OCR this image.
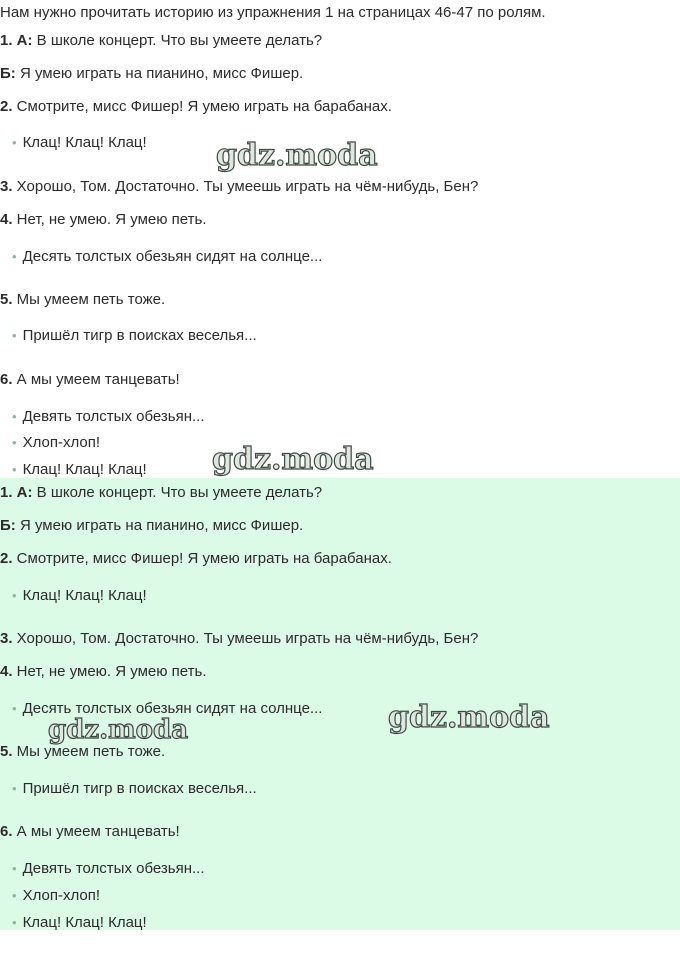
Нам нужно прочитать историю из упражнения 1 на страницах 46-47 по ролям.
gdz.moda
gdz.moda
gdz.moda
gdz.moda
1. А: В школе концерт. Что вы умеете делать?
Б: Я умею играть на пианино, мисс Фишер.
2. Смотрите, мисс Фишер! Я умею играть на барабанах.
• Клац! Клац! Клац!
3. Хорошо, Том. Достаточно. Ты умеешь играть на чём-нибудь, Бен?
4. Нет, не умею. Я умею петь.
• Десять толстых обезьян сидят на солнце...
5. Мы умеем петь тоже.
• Пришёл тигр в поисках веселья...
6. А мы умеем танцевать!
• Девять толстых обезьян...
• Хлоп-хлоп!
• Клац! Клац! Клац!
1. А: В школе концерт. Что вы умеете делать?
Б: Я умею играть на пианино, мисс Фишер.
2. Смотрите, мисс Фишер! Я умею играть на барабанах.
• Клац! Клац! Клац!
3. Хорошо, Том. Достаточно. Ты умеешь играть на чём-нибудь, Бен?
4. Нет, не умею. Я умею петь.
• Десять толстых обезьян сидят на солнце...
5. Мы умеем петь тоже.
• Пришёл тигр в поисках веселья...
6. А мы умеем танцевать!
• Девять толстых обезьян...
• Хлоп-хлоп!
• Клац! Клац! Клац!
